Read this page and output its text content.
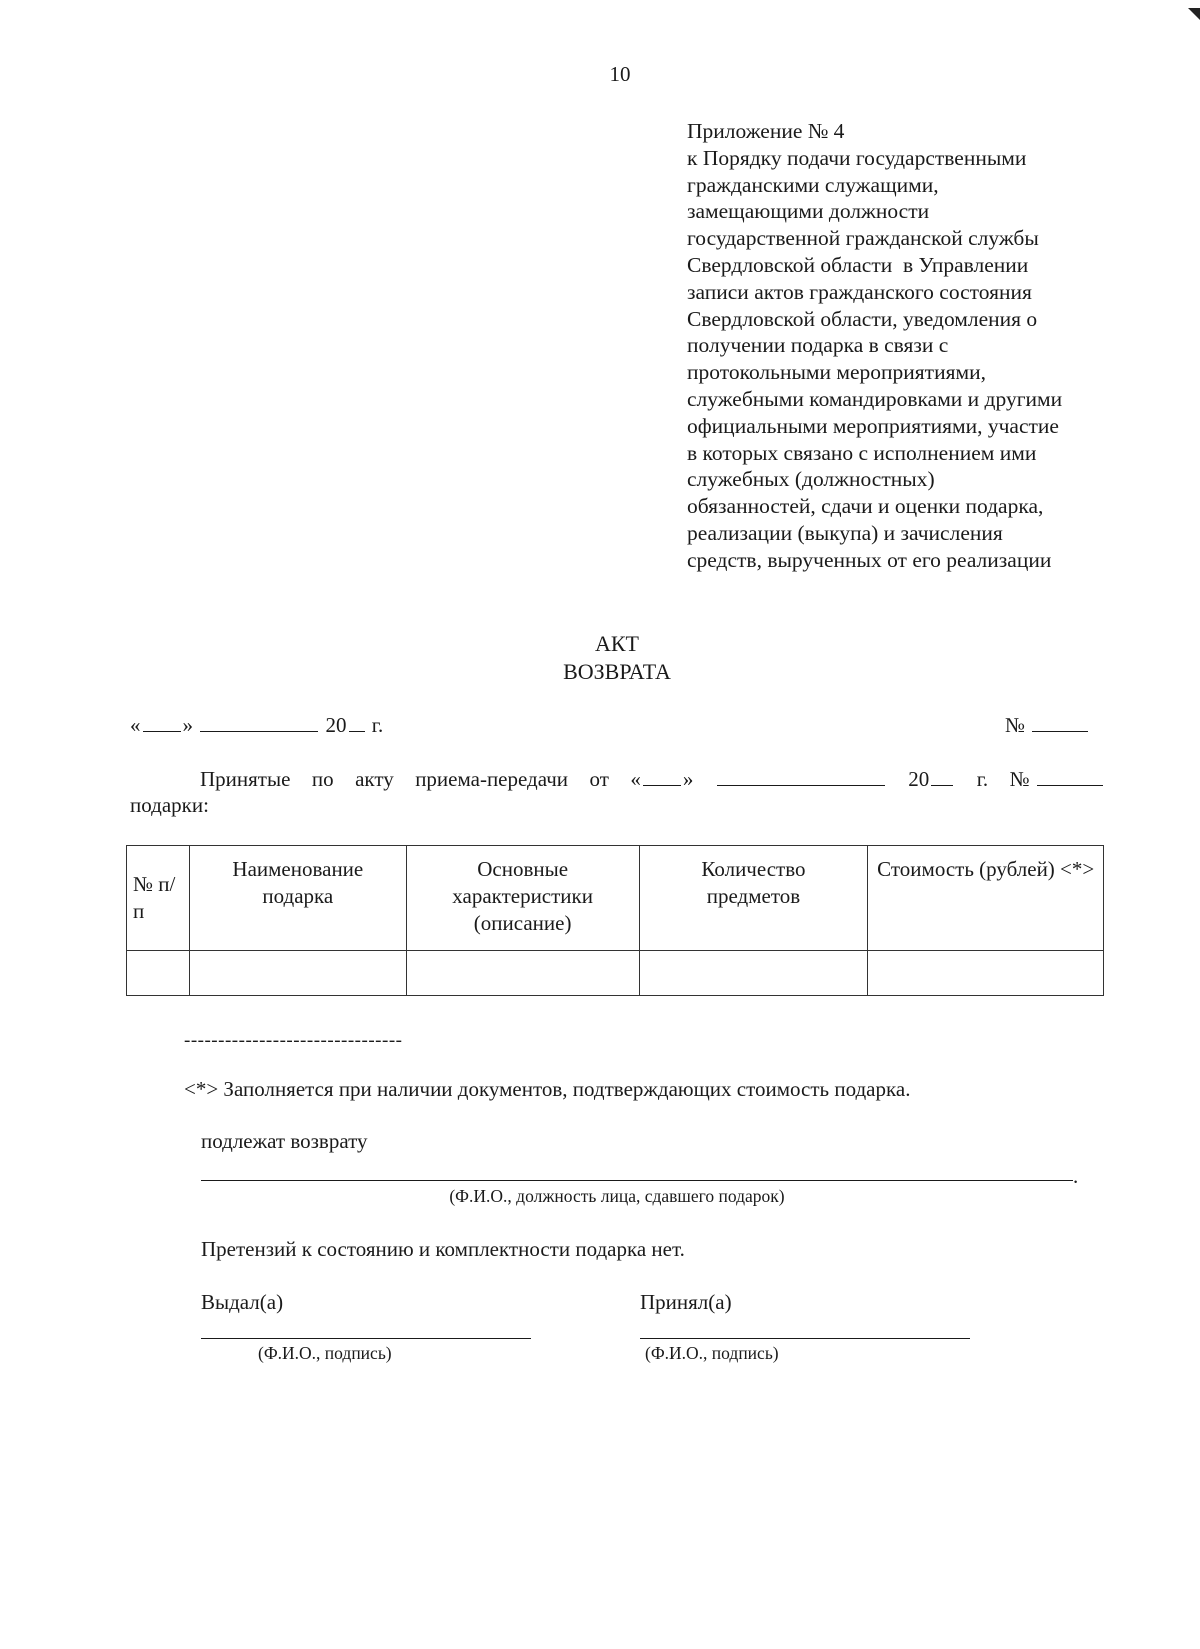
10
Приложение № 4
к Порядку подачи государственными
гражданскими служащими,
замещающими должности
государственной гражданской службы
Свердловской области  в Управлении
записи актов гражданского состояния
Свердловской области, уведомления о
получении подарка в связи с
протокольными мероприятиями,
служебными командировками и другими
официальными мероприятиями, участие
в которых связано с исполнением ими
служебных (должностных)
обязанностей, сдачи и оценки подарка,
реализации (выкупа) и зачисления
средств, вырученных от его реализации
АКТ
ВОЗВРАТА
« »	20 г.	№
Принятые по акту приема-передачи от « »	20	г. №
подарки:
№ п/п	Наименование подарка	Основные характеристики (описание)	Количество предметов	Стоимость (рублей) <*>

--------------------------------
<*> Заполняется при наличии документов, подтверждающих стоимость подарка.
подлежат возврату
.
(Ф.И.О., должность лица, сдавшего подарок)
Претензий к состоянию и комплектности подарка нет.
Выдал(а)	Принял(а)
(Ф.И.О., подпись)	(Ф.И.О., подпись)
